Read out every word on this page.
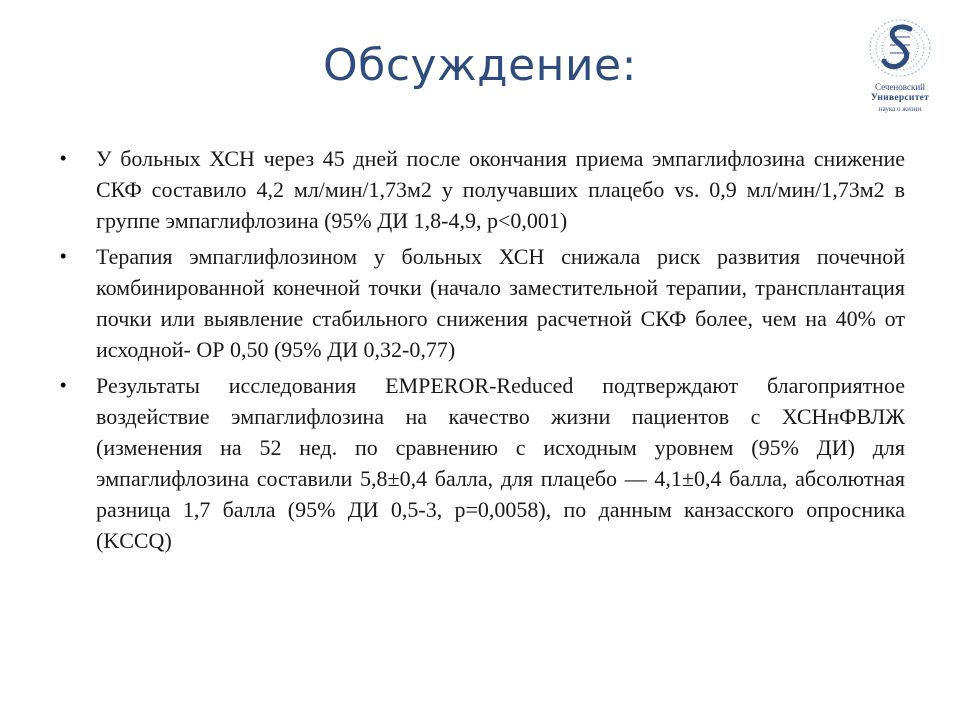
Обсуждение:	Сеченовский
Университет
наука о жизни
• У больных ХСН через 45 дней после окончания приема эмпаглифлозина снижение СКФ составило 4,2 мл/мин/1,73м2 у получавших плацебо vs. 0,9 мл/мин/1,73м2 в группе эмпаглифлозина (95% ДИ 1,8-4,9, p<0,001)
• Терапия эмпаглифлозином у больных ХСН снижала риск развития почечной комбинированной конечной точки (начало заместительной терапии, трансплантация почки или выявление стабильного снижения расчетной СКФ более, чем на 40% от исходной- ОР 0,50 (95% ДИ 0,32-0,77)
• Результаты исследования EMPEROR-Reduced подтверждают благоприятное воздействие эмпаглифлозина на качество жизни пациентов с ХСНнФВЛЖ (изменения на 52 нед. по сравнению с исходным уровнем (95% ДИ) для эмпаглифлозина составили 5,8±0,4 балла, для плацебо — 4,1±0,4 балла, абсолютная разница 1,7 балла (95% ДИ 0,5-3, p=0,0058), по данным канзасского опросника (KCCQ)
